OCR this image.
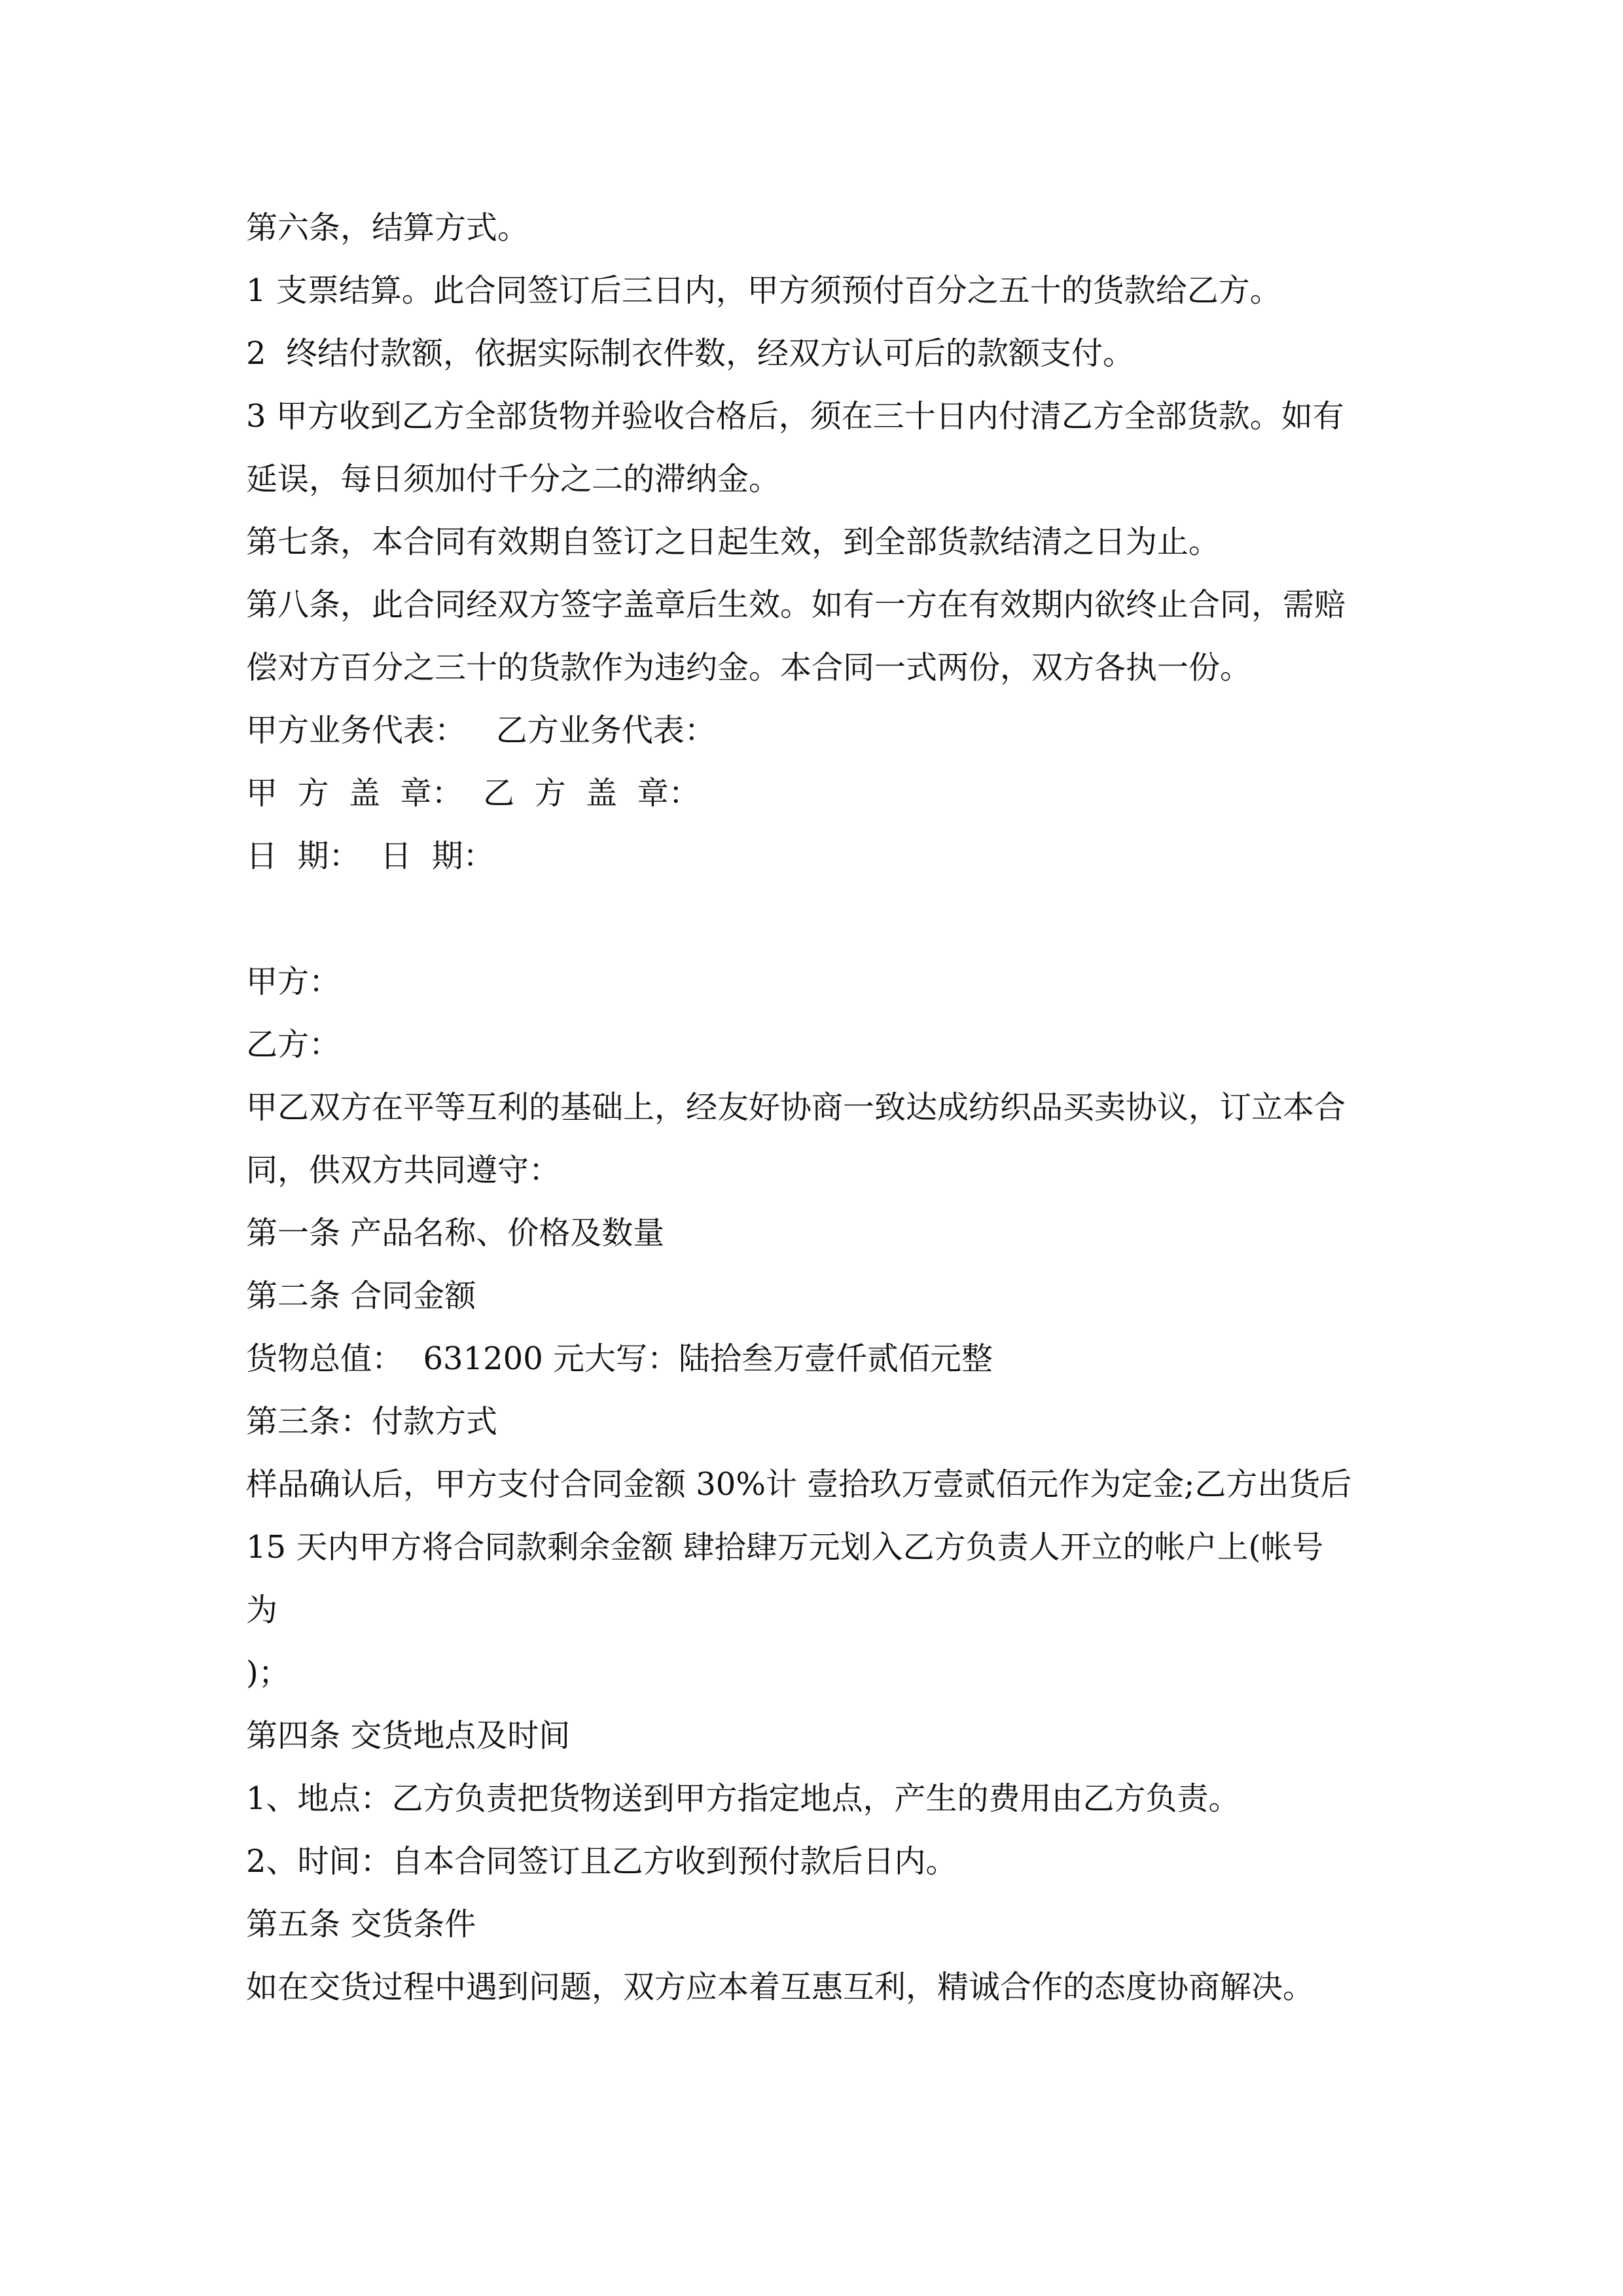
第六条，结算方式。

1 支票结算。此合同签订后三日内，甲方须预付百分之五十的货款给乙方。

2  终结付款额，依据实际制衣件数，经双方认可后的款额支付。

3 甲方收到乙方全部货物并验收合格后，须在三十日内付清乙方全部货款。如有

延误，每日须加付千分之二的滞纳金。

第七条，本合同有效期自签订之日起生效，到全部货款结清之日为止。

第八条，此合同经双方签字盖章后生效。如有一方在有效期内欲终止合同，需赔

偿对方百分之三十的货款作为违约金。本合同一式两份，双方各执一份。

甲方业务代表：   乙方业务代表：

甲  方  盖  章：  乙  方  盖  章：

日  期：  日  期：

甲方：

乙方：

甲乙双方在平等互利的基础上，经友好协商一致达成纺织品买卖协议，订立本合

同，供双方共同遵守：

第一条 产品名称、价格及数量

第二条 合同金额

货物总值：  631200 元大写：陆拾叁万壹仟贰佰元整

第三条：付款方式

样品确认后，甲方支付合同金额 30%计 壹拾玖万壹贰佰元作为定金;乙方出货后

15 天内甲方将合同款剩余金额 肆拾肆万元划入乙方负责人开立的帐户上(帐号

为

)；

第四条 交货地点及时间

1、地点：乙方负责把货物送到甲方指定地点，产生的费用由乙方负责。

2、时间：自本合同签订且乙方收到预付款后日内。

第五条 交货条件

如在交货过程中遇到问题，双方应本着互惠互利，精诚合作的态度协商解决。
